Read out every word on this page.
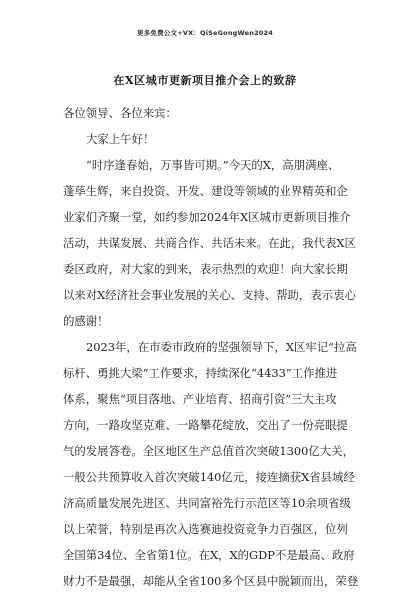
更多免费公文+VX：QiSeGongWen2024
在X区城市更新项目推介会上的致辞
各位领导、各位来宾：
大家上午好！
“时序逢春始，万事皆可期。”今天的X，高朋满座、
蓬荜生辉，来自投资、开发、建设等领域的业界精英和企
业家们齐聚一堂，如约参加2024年X区城市更新项目推介
活动，共谋发展、共商合作、共话未来。在此，我代表X区
委区政府，对大家的到来，表示热烈的欢迎！向大家长期
以来对X经济社会事业发展的关心、支持、帮助，表示衷心
的感谢！
2023年，在市委市政府的坚强领导下，X区牢记“拉高
标杆、勇挑大梁”工作要求，持续深化“4433”工作推进
体系，聚焦“项目落地、产业培育、招商引资”三大主攻
方向，一路攻坚克难、一路攀花绽放，交出了一份亮眼提
气的发展答卷。全区地区生产总值首次突破1300亿大关，
一般公共预算收入首次突破140亿元，接连摘获X省县域经
济高质量发展先进区、共同富裕先行示范区等10余项省级
以上荣誉，特别是再次入选赛迪投资竞争力百强区，位列
全国第34位、全省第1位。在X，X的GDP不是最高、政府
财力不是最强，却能从全省100多个区县中脱颖而出，荣登
